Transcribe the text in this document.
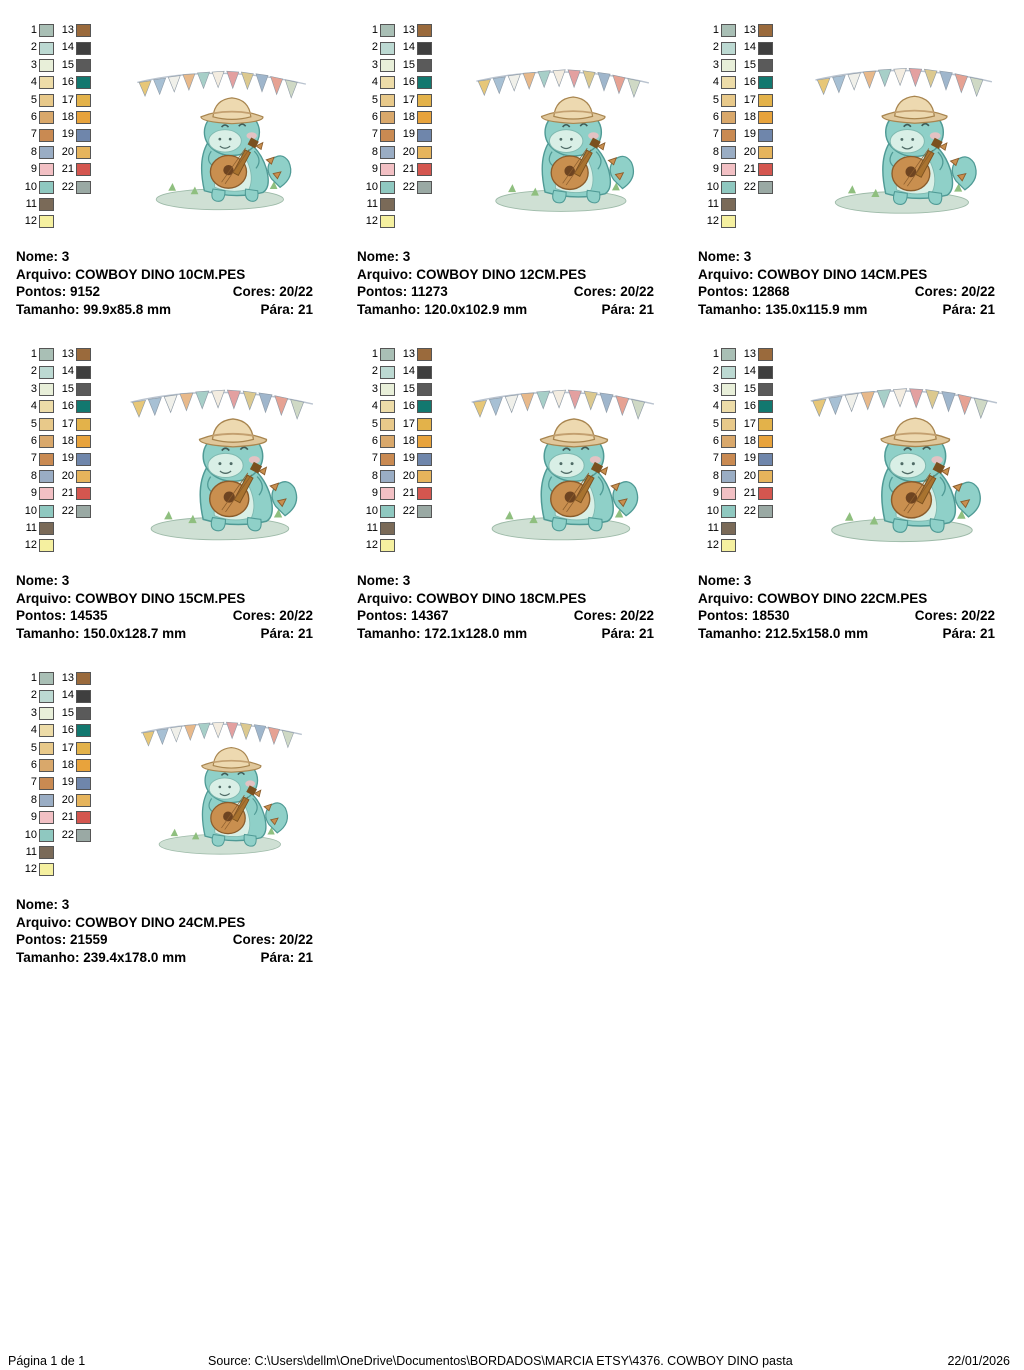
1	13
2	14
3	15
4	16
5	17
6	18
7	19
8	20
9	21
10	22
11
12
Nome: 3
Arquivo: COWBOY DINO 10CM.PES
Pontos: 9152	Cores: 20/22
Tamanho: 99.9x85.8 mm	Pára: 21
1	13
2	14
3	15
4	16
5	17
6	18
7	19
8	20
9	21
10	22
11
12
Nome: 3
Arquivo: COWBOY DINO 12CM.PES
Pontos: 11273	Cores: 20/22
Tamanho: 120.0x102.9 mm	Pára: 21
1	13
2	14
3	15
4	16
5	17
6	18
7	19
8	20
9	21
10	22
11
12
Nome: 3
Arquivo: COWBOY DINO 14CM.PES
Pontos: 12868	Cores: 20/22
Tamanho: 135.0x115.9 mm	Pára: 21
1	13
2	14
3	15
4	16
5	17
6	18
7	19
8	20
9	21
10	22
11
12
Nome: 3
Arquivo: COWBOY DINO 15CM.PES
Pontos: 14535	Cores: 20/22
Tamanho: 150.0x128.7 mm	Pára: 21
1	13
2	14
3	15
4	16
5	17
6	18
7	19
8	20
9	21
10	22
11
12
Nome: 3
Arquivo: COWBOY DINO 18CM.PES
Pontos: 14367	Cores: 20/22
Tamanho: 172.1x128.0 mm	Pára: 21
1	13
2	14
3	15
4	16
5	17
6	18
7	19
8	20
9	21
10	22
11
12
Nome: 3
Arquivo: COWBOY DINO 22CM.PES
Pontos: 18530	Cores: 20/22
Tamanho: 212.5x158.0 mm	Pára: 21
1	13
2	14
3	15
4	16
5	17
6	18
7	19
8	20
9	21
10	22
11
12
Nome: 3
Arquivo: COWBOY DINO 24CM.PES
Pontos: 21559	Cores: 20/22
Tamanho: 239.4x178.0 mm	Pára: 21
Página 1 de 1	Source: C:\Users\dellm\OneDrive\Documentos\BORDADOS\MARCIA ETSY\4376. COWBOY DINO pasta	22/01/2026
